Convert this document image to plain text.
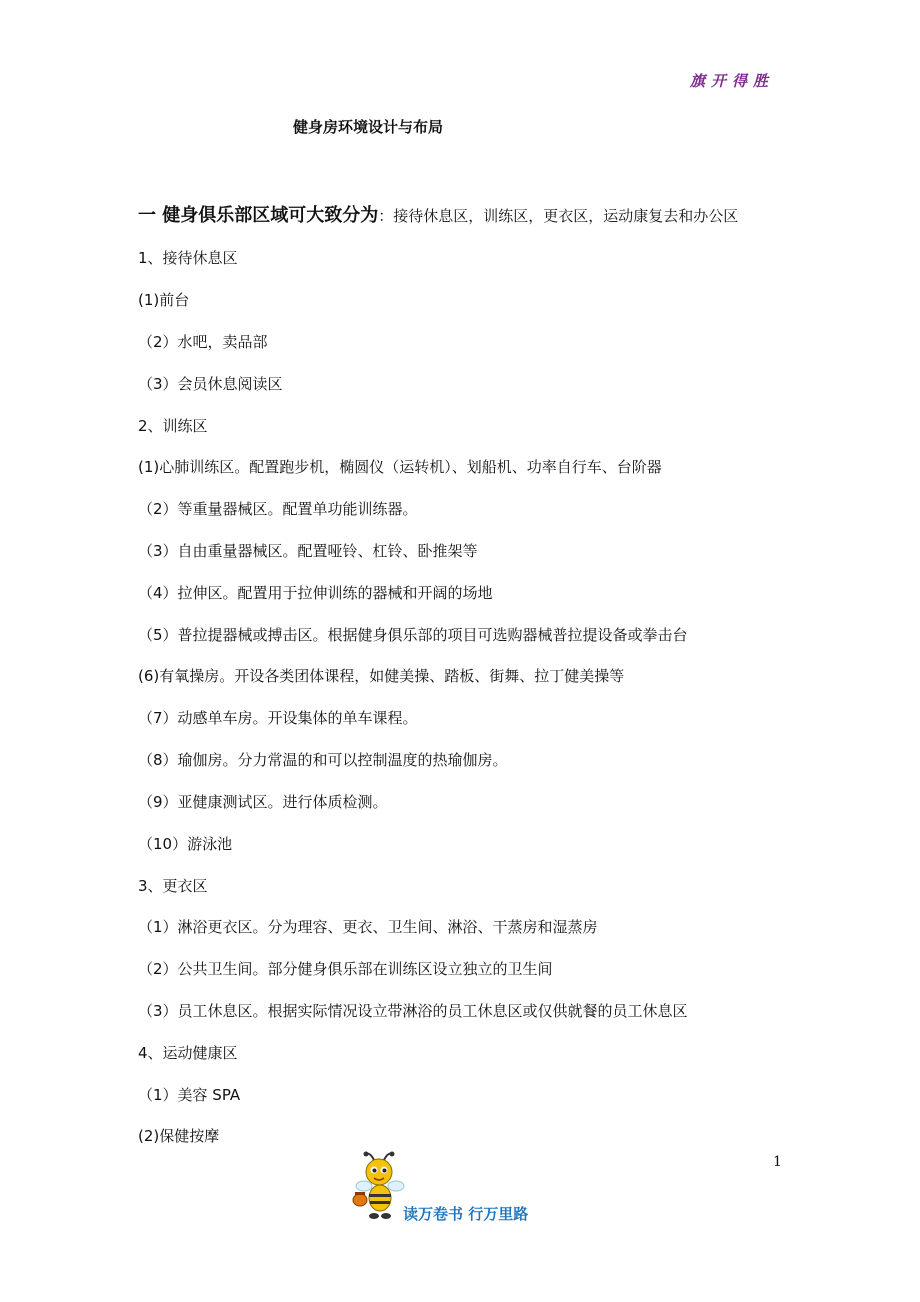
旗开得胜
健身房环境设计与布局
一 健身俱乐部区域可大致分为：接待休息区，训练区，更衣区，运动康复去和办公区
1、接待休息区
(1)前台
（2）水吧，卖品部
（3）会员休息阅读区
2、训练区
(1)心肺训练区。配置跑步机，椭圆仪（运转机）、划船机、功率自行车、台阶器
（2）等重量器械区。配置单功能训练器。
（3）自由重量器械区。配置哑铃、杠铃、卧推架等
（4）拉伸区。配置用于拉伸训练的器械和开阔的场地
（5）普拉提器械或搏击区。根据健身俱乐部的项目可选购器械普拉提设备或拳击台
(6)有氧操房。开设各类团体课程，如健美操、踏板、街舞、拉丁健美操等
（7）动感单车房。开设集体的单车课程。
（8）瑜伽房。分力常温的和可以控制温度的热瑜伽房。
（9）亚健康测试区。进行体质检测。
（10）游泳池
3、更衣区
（1）淋浴更衣区。分为理容、更衣、卫生间、淋浴、干蒸房和湿蒸房
（2）公共卫生间。部分健身俱乐部在训练区设立独立的卫生间
（3）员工休息区。根据实际情况设立带淋浴的员工休息区或仅供就餐的员工休息区
4、运动健康区
（1）美容 SPA
(2)保健按摩
1
读万卷书 行万里路
